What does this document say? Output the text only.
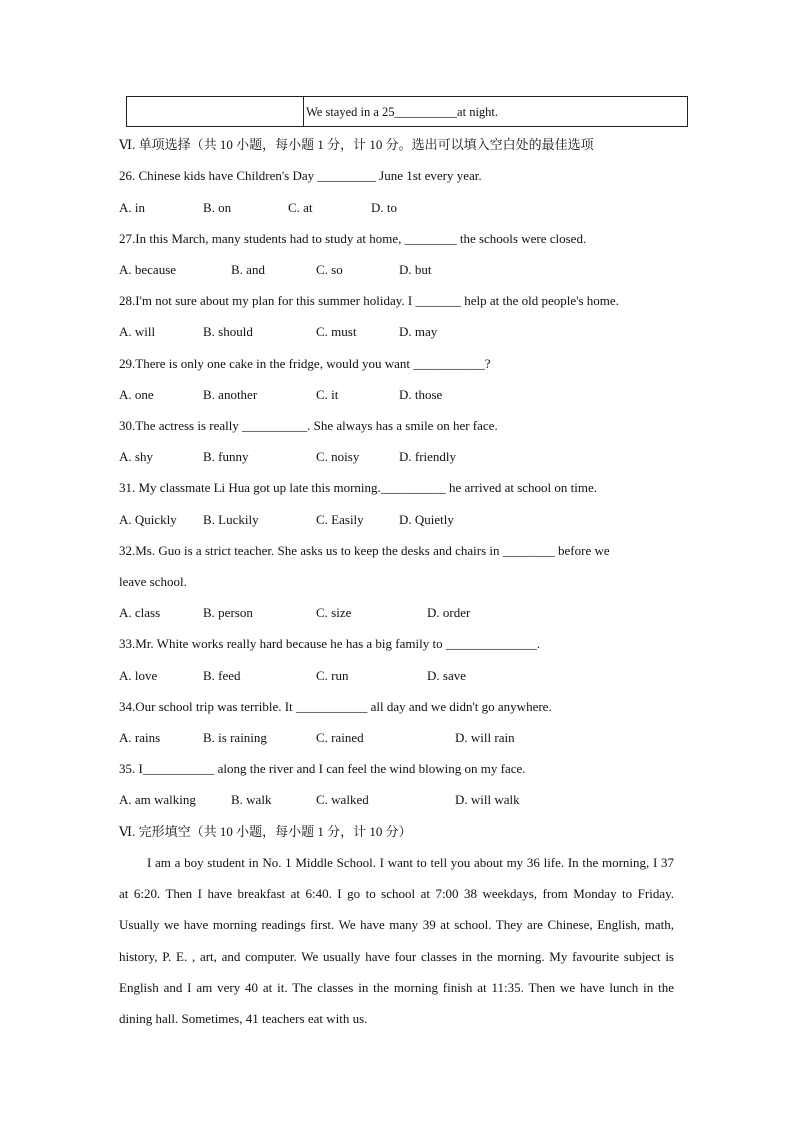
We stayed in a 25__________at night.
Ⅵ. 单项选择（共 10 小题，每小题 1 分，计 10 分。选出可以填入空白处的最佳选项
26. Chinese kids have Children's Day _________ June 1st every year.
A. in	B. on	C. at	D. to
27.In this March, many students had to study at home, ________ the schools were closed.
A. because	B. and	C. so	D. but
28.I'm not sure about my plan for this summer holiday. I _______ help at the old people's home.
A. will	B. should	C. must	D. may
29.There is only one cake in the fridge, would you want ___________?
A. one	B. another	C. it	D. those
30.The actress is really __________. She always has a smile on her face.
A. shy	B. funny	C. noisy	D. friendly
31. My classmate Li Hua got up late this morning.__________ he arrived at school on time.
A. Quickly B. Luckily	C. Easily	D. Quietly
32.Ms. Guo is a strict teacher. She asks us to keep the desks and chairs in ________ before we
leave school.
A. class	B. person	C. size	D. order
33.Mr. White works really hard because he has a big family to ______________.
A. love	B. feed	C. run	D. save
34.Our school trip was terrible. It ___________ all day and we didn't go anywhere.
A. rains	B. is raining	C. rained	D. will rain
35. I___________ along the river and I can feel the wind blowing on my face.
A. am walking	B. walk	C. walked	D. will walk
Ⅵ. 完形填空（共 10 小题，每小题 1 分，计 10 分）

I am a boy student in No. 1 Middle School. I want to tell you about my 36 life. In the morning, I 37 at 6:20. Then I have breakfast at 6:40. I go to school at 7:00 38 weekdays, from Monday to Friday. Usually we have morning readings first. We have many 39 at school. They are Chinese, English, math, history, P. E. , art, and computer. We usually have four classes in the morning. My favourite subject is English and I am very 40 at it. The classes in the morning finish at 11:35. Then we have lunch in the dining hall. Sometimes, 41 teachers eat with us.
